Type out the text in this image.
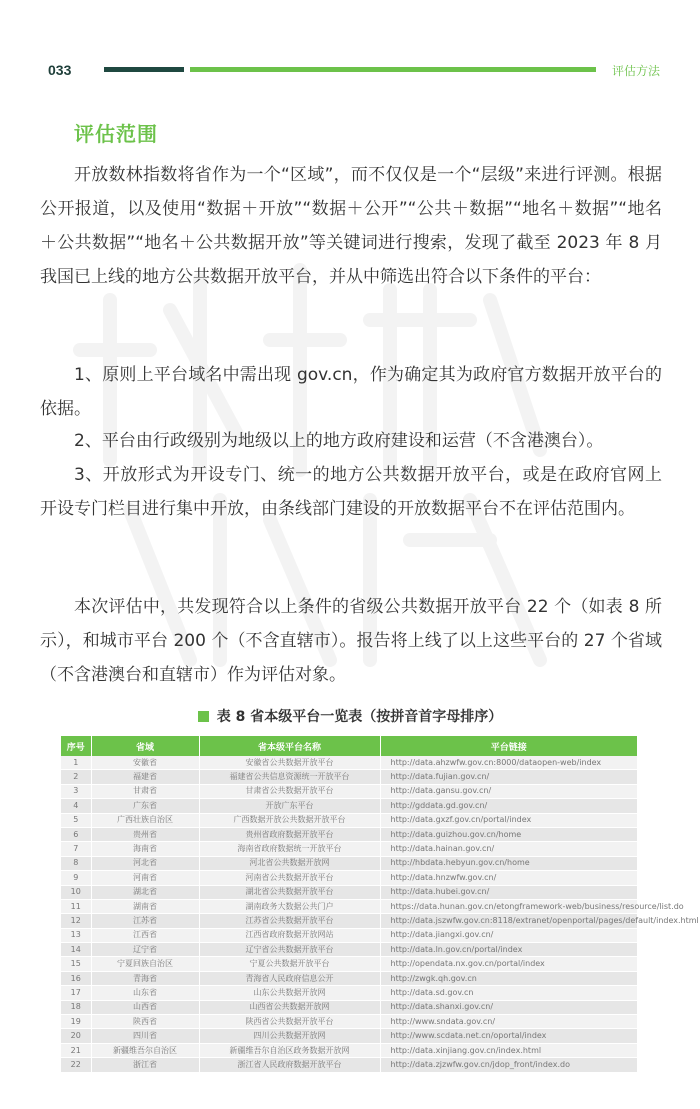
033	评估方法
评估范围

开放数林指数将省作为一个“区域”，而不仅仅是一个“层级”来进行评测。根据公开报道，以及使用“数据＋开放”“数据＋公开”“公共＋数据”“地名＋数据”“地名＋公共数据”“地名＋公共数据开放”等关键词进行搜索，发现了截至 2023 年 8 月我国已上线的地方公共数据开放平台，并从中筛选出符合以下条件的平台：

1、原则上平台域名中需出现 gov.cn，作为确定其为政府官方数据开放平台的依据。

2、平台由行政级别为地级以上的地方政府建设和运营（不含港澳台）。

3、开放形式为开设专门、统一的地方公共数据开放平台，或是在政府官网上开设专门栏目进行集中开放，由条线部门建设的开放数据平台不在评估范围内。

本次评估中，共发现符合以上条件的省级公共数据开放平台 22 个（如表 8 所示），和城市平台 200 个（不含直辖市）。报告将上线了以上这些平台的 27 个省域（不含港澳台和直辖市）作为评估对象。

表 8 省本级平台一览表（按拼音首字母排序）
序号	省域	省本级平台名称	平台链接
1	安徽省	安徽省公共数据开放平台	http://data.ahzwfw.gov.cn:8000/dataopen-web/index
2	福建省	福建省公共信息资源统一开放平台	http://data.fujian.gov.cn/
3	甘肃省	甘肃省公共数据开放平台	http://data.gansu.gov.cn/
4	广东省	开放广东平台	http://gddata.gd.gov.cn/
5	广西壮族自治区	广西数据开放公共数据开放平台	http://data.gxzf.gov.cn/portal/index
6	贵州省	贵州省政府数据开放平台	http://data.guizhou.gov.cn/home
7	海南省	海南省政府数据统一开放平台	http://data.hainan.gov.cn/
8	河北省	河北省公共数据开放网	http://hbdata.hebyun.gov.cn/home
9	河南省	河南省公共数据开放平台	http://data.hnzwfw.gov.cn/
10	湖北省	湖北省公共数据开放平台	http://data.hubei.gov.cn/
11	湖南省	湖南政务大数据公共门户	https://data.hunan.gov.cn/etongframework-web/business/resource/list.do
12	江苏省	江苏省公共数据开放平台	http://data.jszwfw.gov.cn:8118/extranet/openportal/pages/default/index.html
13	江西省	江西省政府数据开放网站	http://data.jiangxi.gov.cn/
14	辽宁省	辽宁省公共数据开放平台	http://data.ln.gov.cn/portal/index
15	宁夏回族自治区	宁夏公共数据开放平台	http://opendata.nx.gov.cn/portal/index
16	青海省	青海省人民政府信息公开	http://zwgk.qh.gov.cn
17	山东省	山东公共数据开放网	http://data.sd.gov.cn
18	山西省	山西省公共数据开放网	http://data.shanxi.gov.cn/
19	陕西省	陕西省公共数据开放平台	http://www.sndata.gov.cn/
20	四川省	四川公共数据开放网	http://www.scdata.net.cn/oportal/index
21	新疆维吾尔自治区	新疆维吾尔自治区政务数据开放网	http://data.xinjiang.gov.cn/index.html
22	浙江省	浙江省人民政府数据开放平台	http://data.zjzwfw.gov.cn/jdop_front/index.do
